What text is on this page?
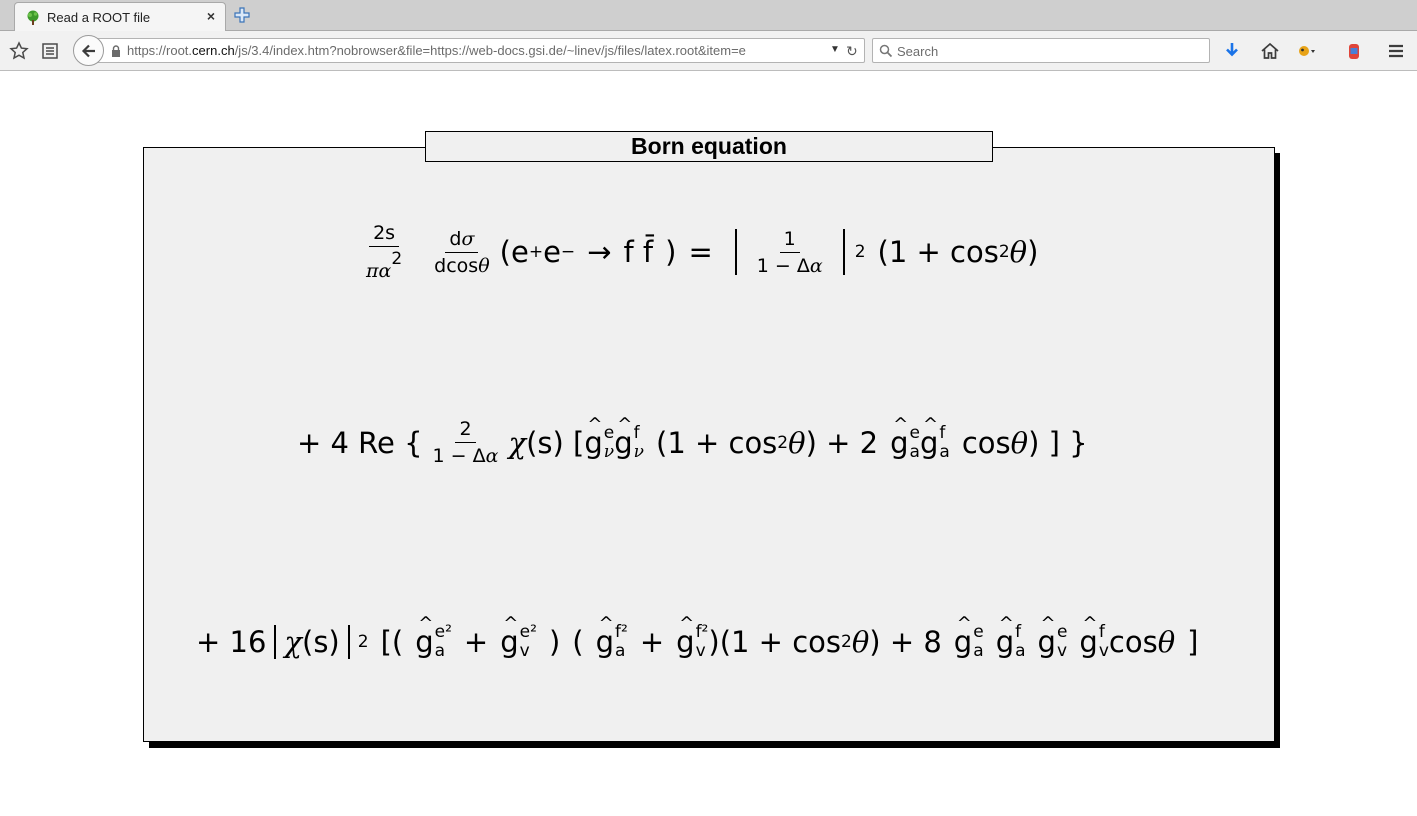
Read a ROOT file	×
https://root.cern.ch/js/3.4/index.htm?nobrowser&file=https://web-docs.gsi.de/~linev/js/files/latex.root&item=e	▼ ↻
Search
Born equation
$\frac{2s}{\pi\alpha^2} \frac{d\sigma}{dcos\theta} (e + e$ − → f f̄ ) = $\frac{1}{1 - \Delta\alpha} 2$ (1 + cos 2 θ )
+ 4 Re { $\frac{2}{1 - \Delta\alpha}$ χ (s) [ ^ g e
ν ^ g f
ν (1 + cos 2 θ ) + 2 ^ g e
a ^ g f
a cos θ ) ] }
+ 16 χ (s) 2 [( ^ g e²
a + ^ g e²
v ) ( ^ g f²
a + ^ g f²
v )(1 + cos 2 θ ) + 8 ^ g e
a ^ g f
a ^ g e
v ^ g f
v cos θ ]
